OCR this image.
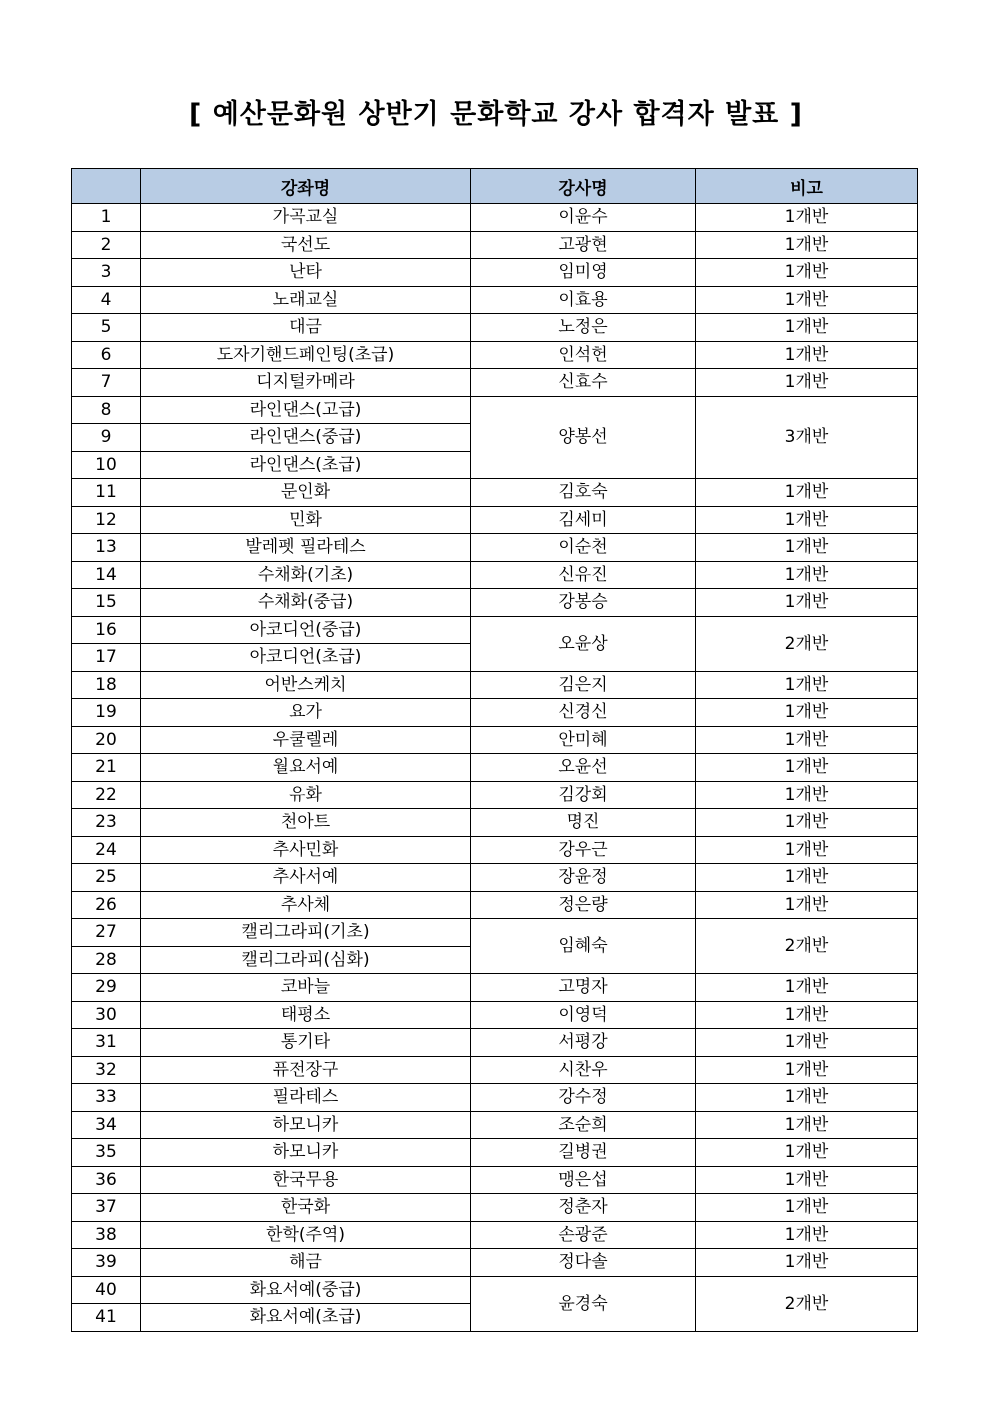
[ 예산문화원 상반기 문화학교 강사 합격자 발표 ]
	강좌명	강사명	비고
1	가곡교실	이윤수	1개반
2	국선도	고광현	1개반
3	난타	임미영	1개반
4	노래교실	이효용	1개반
5	대금	노정은	1개반
6	도자기핸드페인팅(초급)	인석헌	1개반
7	디지털카메라	신효수	1개반
8	라인댄스(고급)	양봉선	3개반
9	라인댄스(중급)		
10	라인댄스(초급)		
11	문인화	김호숙	1개반
12	민화	김세미	1개반
13	발레펫 필라테스	이순천	1개반
14	수채화(기초)	신유진	1개반
15	수채화(중급)	강봉승	1개반
16	아코디언(중급)	오윤상	2개반
17	아코디언(초급)		
18	어반스케치	김은지	1개반
19	요가	신경신	1개반
20	우쿨렐레	안미혜	1개반
21	월요서예	오윤선	1개반
22	유화	김강회	1개반
23	천아트	명진	1개반
24	추사민화	강우근	1개반
25	추사서예	장윤정	1개반
26	추사체	정은량	1개반
27	캘리그라피(기초)	임혜숙	2개반
28	캘리그라피(심화)		
29	코바늘	고명자	1개반
30	태평소	이영덕	1개반
31	통기타	서평강	1개반
32	퓨전장구	시찬우	1개반
33	필라테스	강수정	1개반
34	하모니카	조순희	1개반
35	하모니카	길병권	1개반
36	한국무용	맹은섭	1개반
37	한국화	정춘자	1개반
38	한학(주역)	손광준	1개반
39	해금	정다솔	1개반
40	화요서예(중급)	윤경숙	2개반
41	화요서예(초급)		
